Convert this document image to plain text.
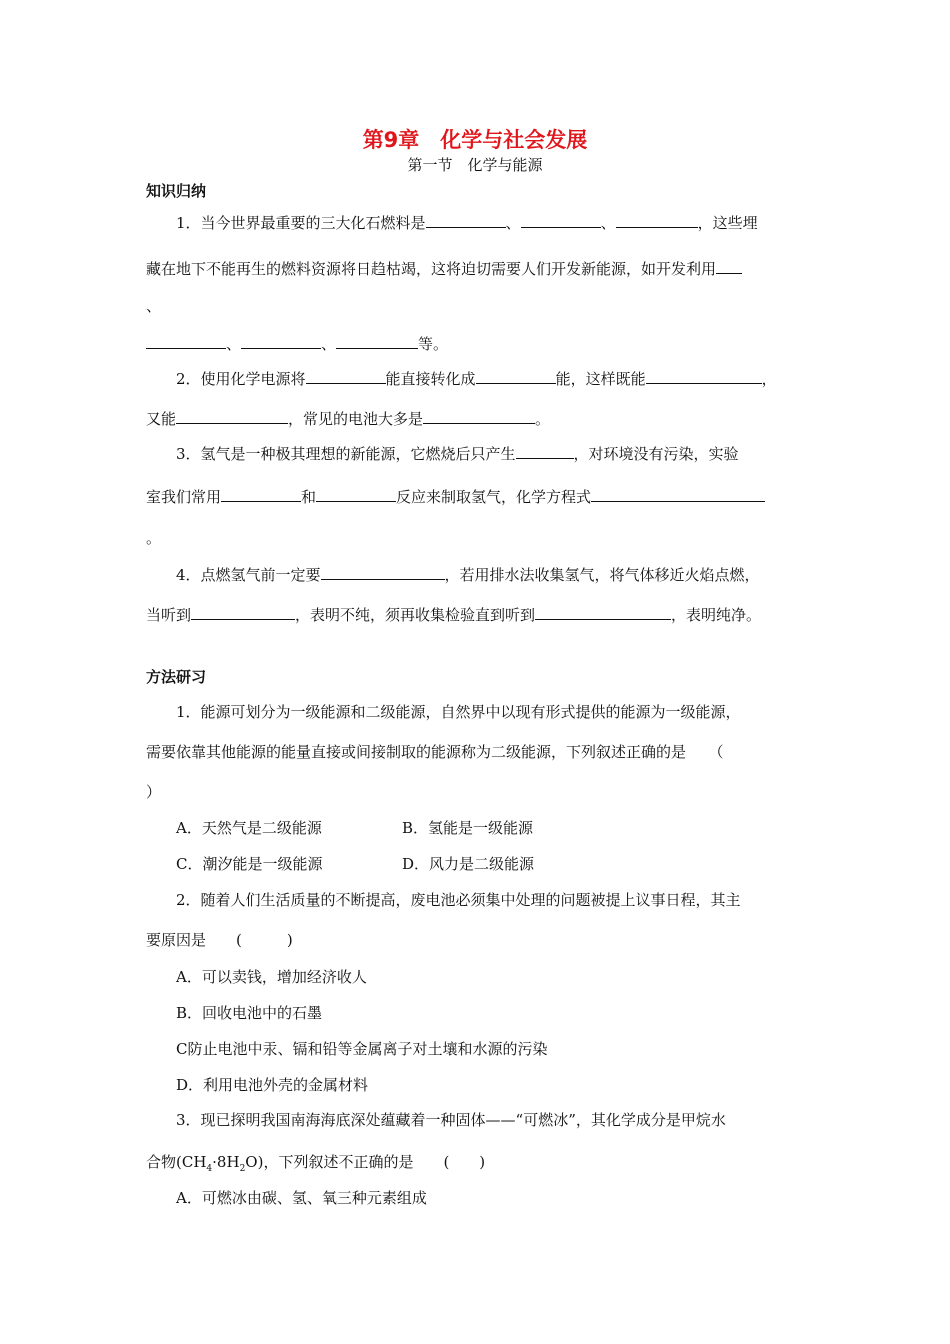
第9章　化学与社会发展
第一节　化学与能源
知识归纳
1．当今世界最重要的三大化石燃料是	、	、	，这些埋
藏在地下不能再生的燃料资源将日趋枯竭，这将迫切需要人们开发新能源，如开发利用
、
、	、	等。
2．使用化学电源将	能直接转化成	能，这样既能	，
又能	，常见的电池大多是	。
3．氢气是一种极其理想的新能源，它燃烧后只产生	，对环境没有污染，实验
室我们常用	和	反应来制取氢气，化学方程式
。
4．点燃氢气前一定要	，若用排水法收集氢气，将气体移近火焰点燃，
当听到	，表明不纯，须再收集检验直到听到	，表明纯净。
方法研习
1．能源可划分为一级能源和二级能源，自然界中以现有形式提供的能源为一级能源，
需要依靠其他能源的能量直接或间接制取的能源称为二级能源，下列叙述正确的是　　（
）
A．天然气是二级能源	B．氢能是一级能源
C．潮汐能是一级能源	D．风力是二级能源
2．随着人们生活质量的不断提高，废电池必须集中处理的问题被提上议事日程，其主
要原因是　　(　　　)
A．可以卖钱，增加经济收人
B．回收电池中的石墨
C防止电池中汞、镉和铅等金属离子对土壤和水源的污染
D．利用电池外壳的金属材料
3．现已探明我国南海海底深处蕴藏着一种固体——“可燃冰”，其化学成分是甲烷水
合物$(CH_4\cdot 8H_2O)$，下列叙述不正确的是　　(　　)
A．可燃冰由碳、氢、氧三种元素组成
